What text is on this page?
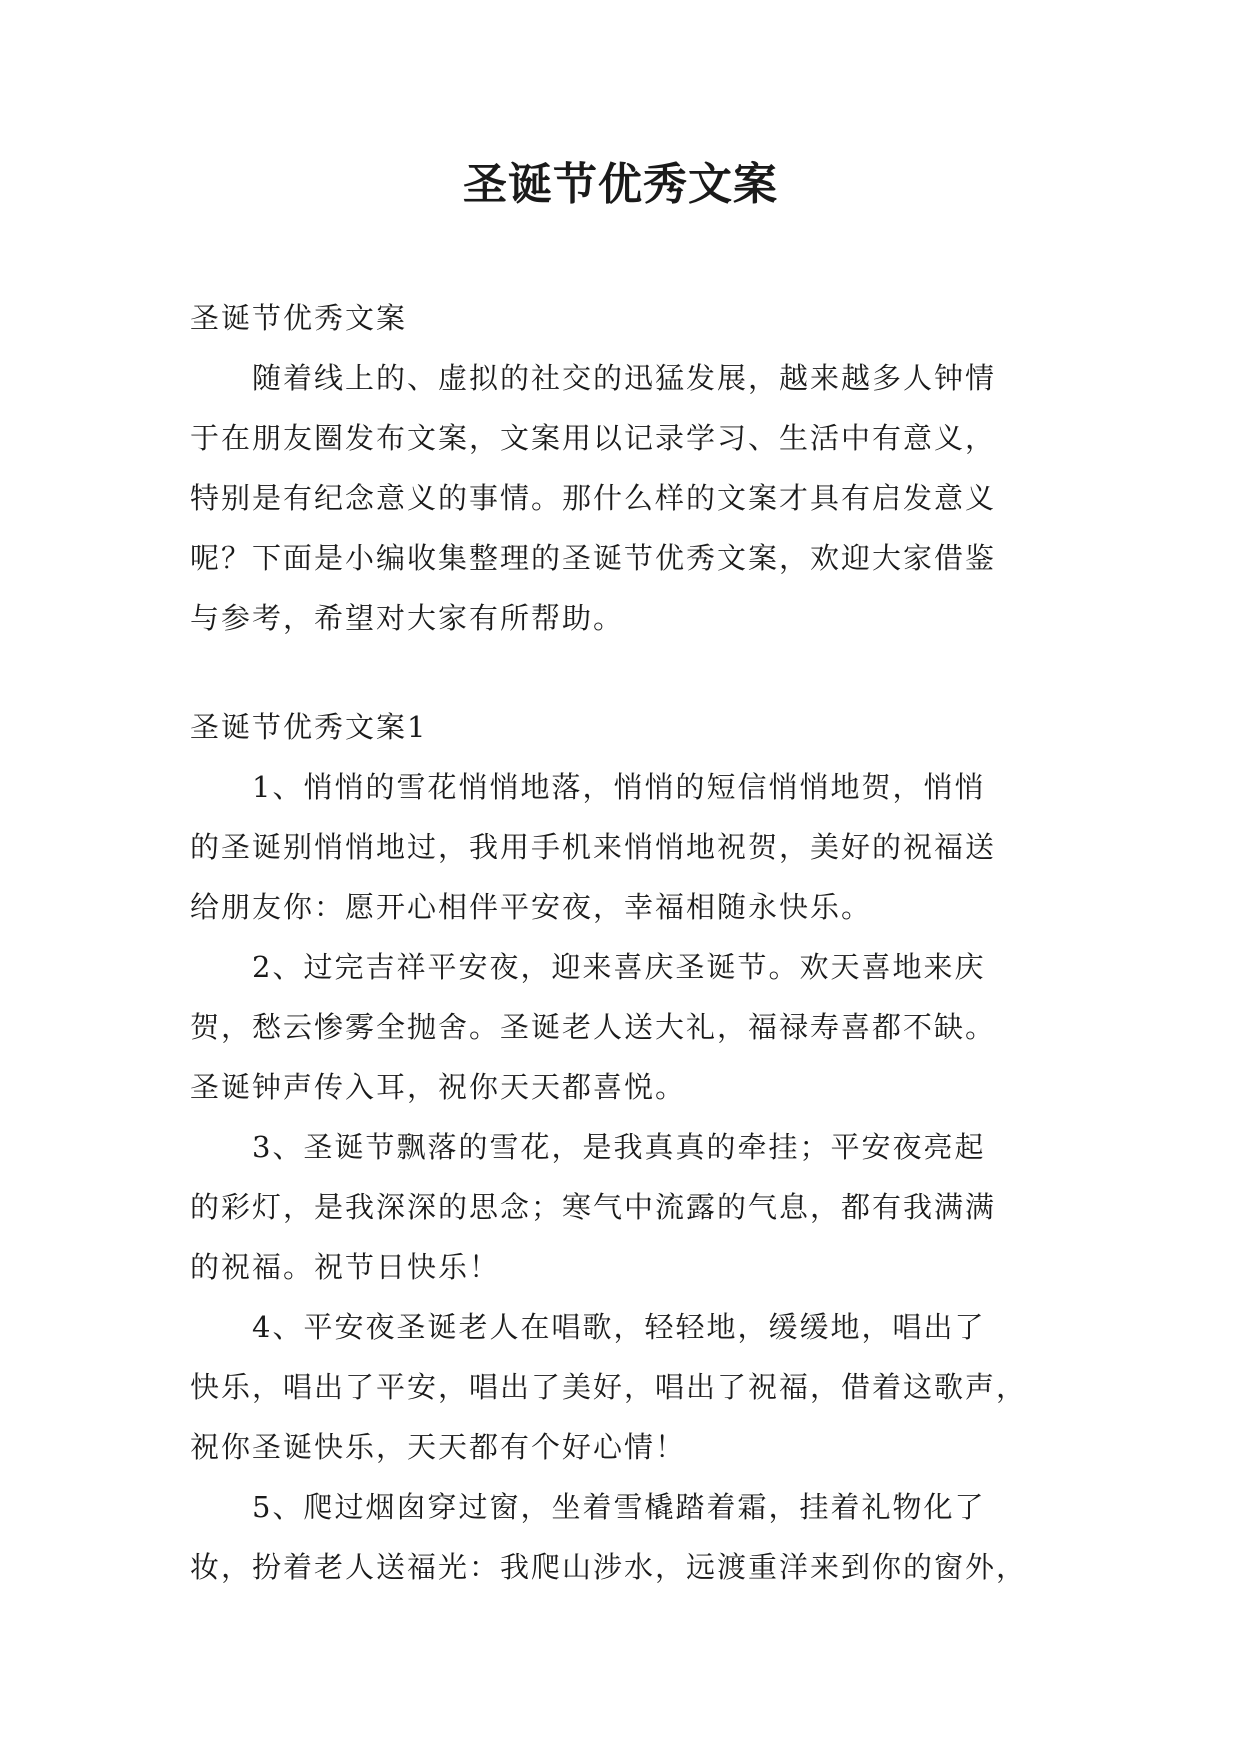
圣诞节优秀文案
圣诞节优秀文案
随着线上的、虚拟的社交的迅猛发展，越来越多人钟情
于在朋友圈发布文案，文案用以记录学习、生活中有意义，
特别是有纪念意义的事情。那什么样的文案才具有启发意义
呢？下面是小编收集整理的圣诞节优秀文案，欢迎大家借鉴
与参考，希望对大家有所帮助。
圣诞节优秀文案1
1、悄悄的雪花悄悄地落，悄悄的短信悄悄地贺，悄悄
的圣诞别悄悄地过，我用手机来悄悄地祝贺，美好的祝福送
给朋友你：愿开心相伴平安夜，幸福相随永快乐。
2、过完吉祥平安夜，迎来喜庆圣诞节。欢天喜地来庆
贺，愁云惨雾全抛舍。圣诞老人送大礼，福禄寿喜都不缺。
圣诞钟声传入耳，祝你天天都喜悦。
3、圣诞节飘落的雪花，是我真真的牵挂；平安夜亮起
的彩灯，是我深深的思念；寒气中流露的气息，都有我满满
的祝福。祝节日快乐！
4、平安夜圣诞老人在唱歌，轻轻地，缓缓地，唱出了
快乐，唱出了平安，唱出了美好，唱出了祝福，借着这歌声，
祝你圣诞快乐，天天都有个好心情！
5、爬过烟囱穿过窗，坐着雪橇踏着霜，挂着礼物化了
妆，扮着老人送福光：我爬山涉水，远渡重洋来到你的窗外，
